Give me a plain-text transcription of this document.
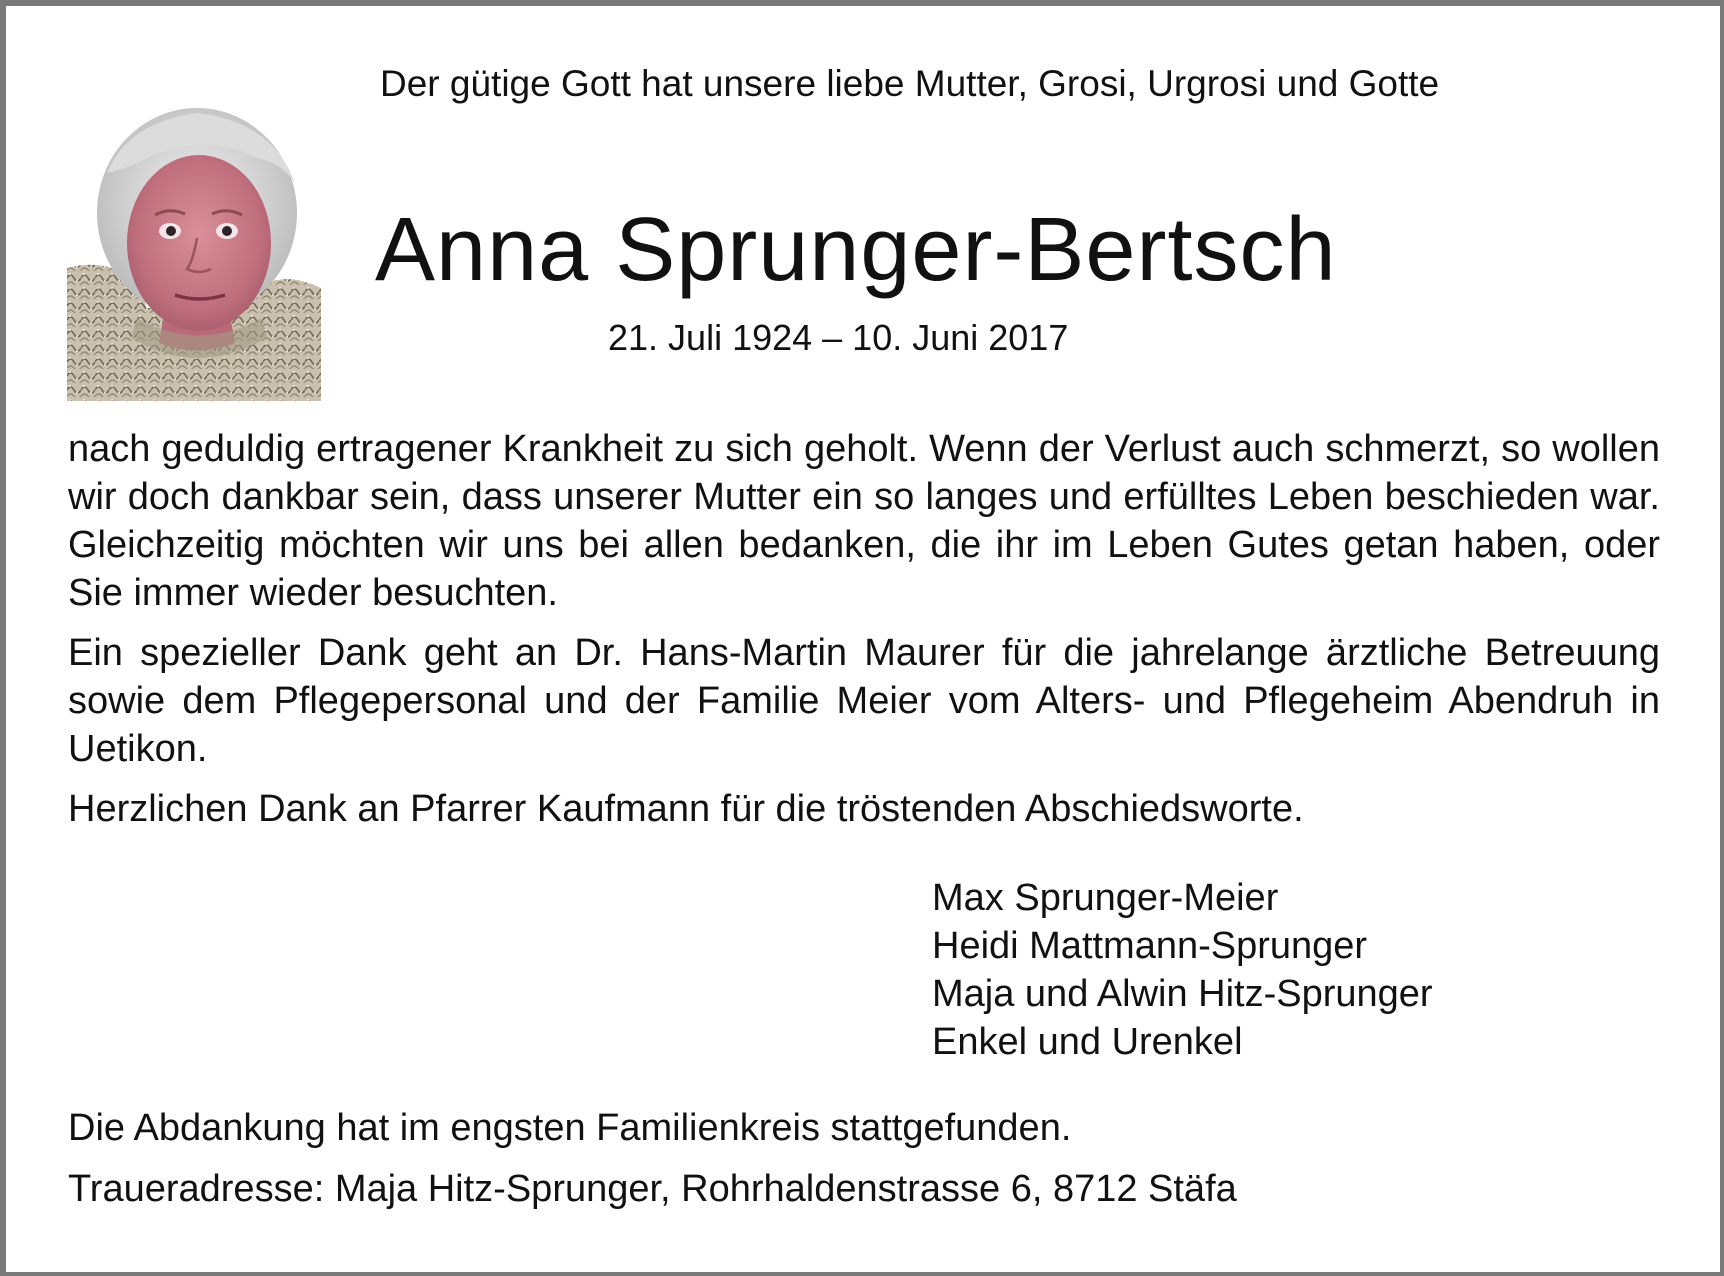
Der gütige Gott hat unsere liebe Mutter, Grosi, Urgrosi und Gotte
Anna Sprunger-Bertsch
21. Juli 1924 – 10. Juni 2017

nach geduldig ertragener Krankheit zu sich geholt. Wenn der Verlust auch schmerzt, so wollen wir doch dankbar sein, dass unserer Mutter ein so langes und erfülltes Leben beschieden war. Gleichzeitig möchten wir uns bei allen bedanken, die ihr im Leben Gutes getan haben, oder Sie immer wieder besuchten.

Ein spezieller Dank geht an Dr. Hans-Martin Maurer für die jahrelange ärztliche Betreuung sowie dem Pflegepersonal und der Familie Meier vom Alters- und Pflegeheim Abendruh in Uetikon.

Herzlichen Dank an Pfarrer Kaufmann für die tröstenden Abschiedsworte.

Max Sprunger-Meier
Heidi Mattmann-Sprunger
Maja und Alwin Hitz-Sprunger
Enkel und Urenkel
Die Abdankung hat im engsten Familienkreis stattgefunden.
Traueradresse: Maja Hitz-Sprunger, Rohrhaldenstrasse 6, 8712 Stäfa
